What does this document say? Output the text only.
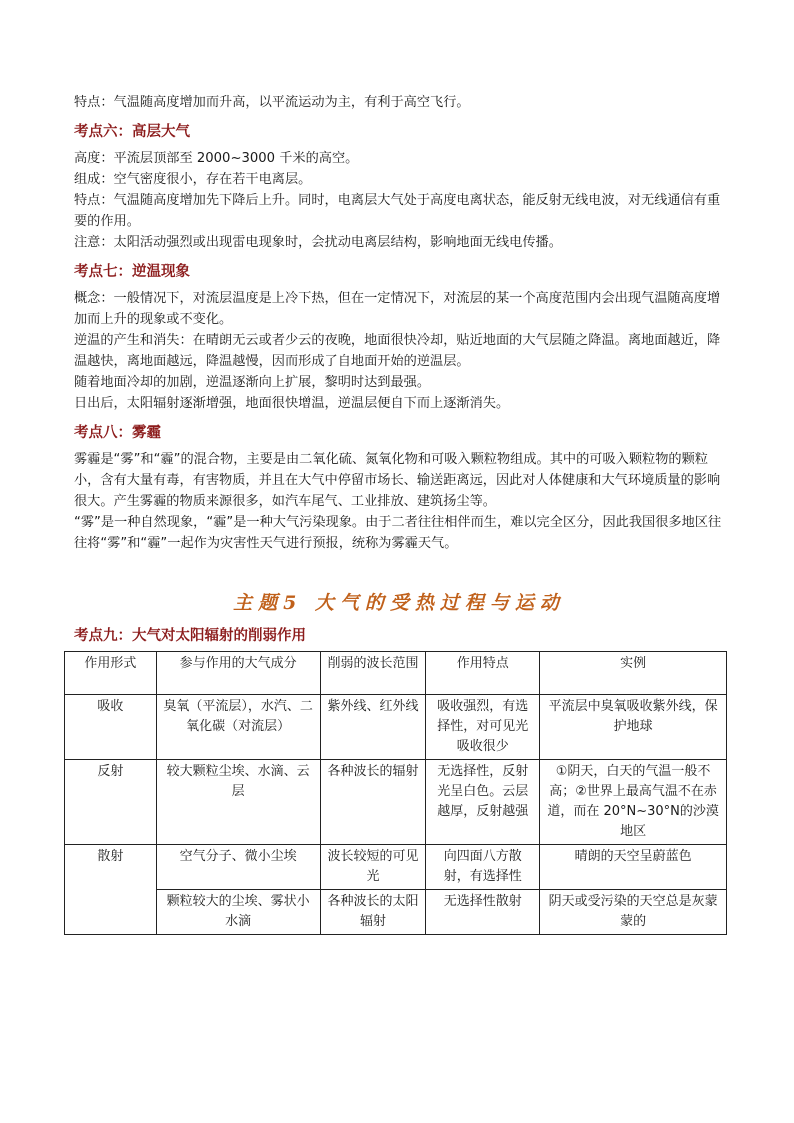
特点：气温随高度增加而升高，以平流运动为主，有利于高空飞行。

考点六：高层大气

高度：平流层顶部至 2000~3000 千米的高空。

组成：空气密度很小，存在若干电离层。

特点：气温随高度增加先下降后上升。同时，电离层大气处于高度电离状态，能反射无线电波，对无线通信有重要的作用。

注意：太阳活动强烈或出现雷电现象时，会扰动电离层结构，影响地面无线电传播。

考点七：逆温现象

概念：一般情况下，对流层温度是上冷下热，但在一定情况下，对流层的某一个高度范围内会出现气温随高度增加而上升的现象或不变化。

逆温的产生和消失：在晴朗无云或者少云的夜晚，地面很快冷却，贴近地面的大气层随之降温。离地面越近，降温越快，离地面越远，降温越慢，因而形成了自地面开始的逆温层。

随着地面冷却的加剧，逆温逐渐向上扩展，黎明时达到最强。

日出后，太阳辐射逐渐增强，地面很快增温，逆温层便自下而上逐渐消失。

考点八：雾霾

雾霾是“雾”和“霾”的混合物，主要是由二氧化硫、氮氧化物和可吸入颗粒物组成。其中的可吸入颗粒物的颗粒小，含有大量有毒，有害物质，并且在大气中停留市场长、输送距离远，因此对人体健康和大气环境质量的影响很大。产生雾霾的物质来源很多，如汽车尾气、工业排放、建筑扬尘等。

“雾”是一种自然现象，“霾”是一种大气污染现象。由于二者往往相伴而生，难以完全区分，因此我国很多地区往往将“雾”和“霾”一起作为灾害性天气进行预报，统称为雾霾天气。

主题5 大气的受热过程与运动
考点九：大气对太阳辐射的削弱作用
作用形式	参与作用的大气成分	削弱的波长范围	作用特点	实例
吸收	臭氧（平流层），水汽、二氧化碳（对流层）	紫外线、红外线	吸收强烈，有选择性，对可见光吸收很少	平流层中臭氧吸收紫外线，保护地球
反射	较大颗粒尘埃、水滴、云层	各种波长的辐射	无选择性，反射光呈白色。云层越厚，反射越强	①阴天，白天的气温一般不高；②世界上最高气温不在赤道，而在 20°N~30°N的沙漠地区
散射	空气分子、微小尘埃	波长较短的可见光	向四面八方散射，有选择性	晴朗的天空呈蔚蓝色
	颗粒较大的尘埃、雾状小水滴	各种波长的太阳辐射	无选择性散射	阴天或受污染的天空总是灰蒙蒙的
